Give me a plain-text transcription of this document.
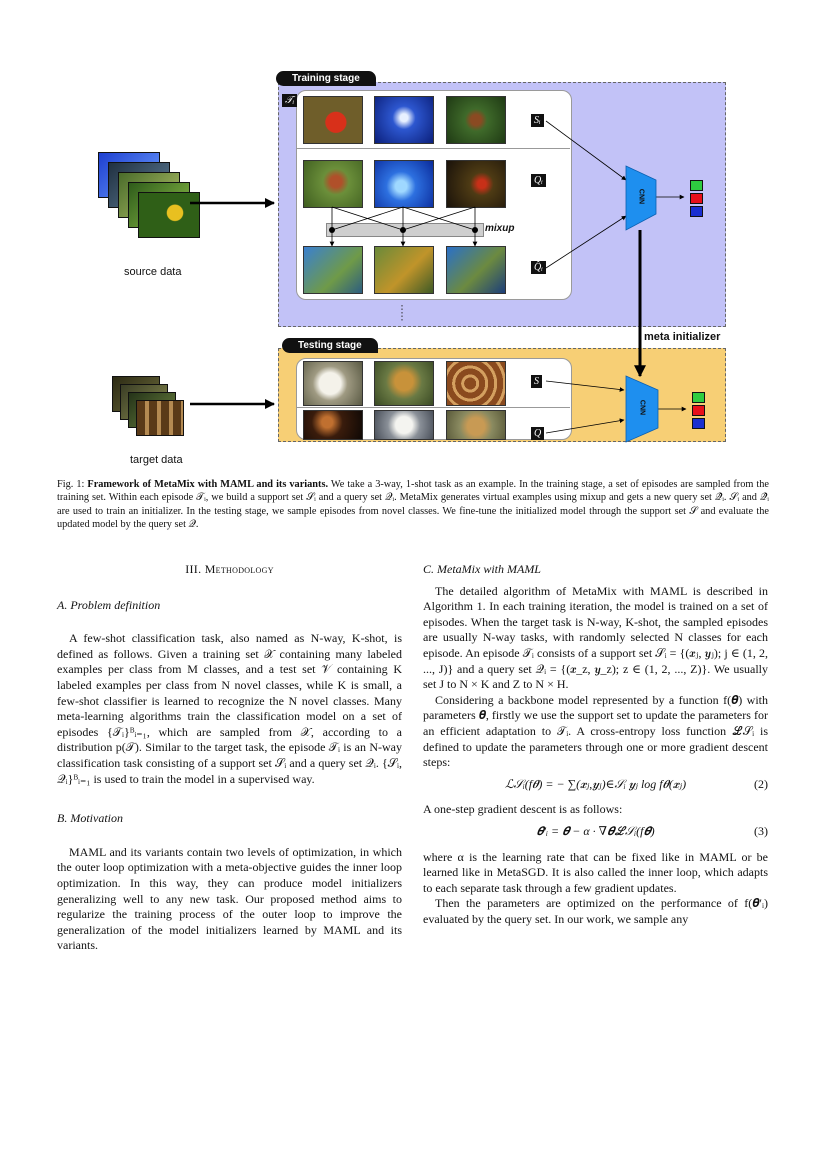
source data
target data
Training stage
Testing stage
𝒯ᵢ
mixup
Sᵢ
Qᵢ
Q̂ᵢ
S
Q
CNN
CNN
meta initializer
Fig. 1: Framework of MetaMix with MAML and its variants. We take a 3-way, 1-shot task as an example. In the training stage, a set of episodes are sampled from the training set. Within each episode 𝒯ᵢ, we build a support set 𝒮ᵢ and a query set 𝒬ᵢ. MetaMix generates virtual examples using mixup and gets a new query set 𝒬̂ᵢ. 𝒮ᵢ and 𝒬̂ᵢ are used to train an initializer. In the testing stage, we sample episodes from novel classes. We fine-tune the initialized model through the support set 𝒮 and evaluate the updated model by the query set 𝒬.
III. Methodology
A. Problem definition

A few-shot classification task, also named as N-way, K-shot, is defined as follows. Given a training set 𝒳 containing many labeled examples per class from M classes, and a test set 𝒱 containing K labeled examples per class from N novel classes, while K is small, a few-shot classifier is learned to recognize the N novel classes. Many meta-learning algorithms train the classification model on a set of episodes {𝒯ᵢ}ᴮᵢ₌₁, which are sampled from 𝒳, according to a distribution p(𝒯). Similar to the target task, the episode 𝒯ᵢ is an N-way classification task consisting of a support set 𝒮ᵢ and a query set 𝒬ᵢ. {𝒮ᵢ, 𝒬ᵢ}ᴮᵢ₌₁ is used to train the model in a supervised way.

B. Motivation

MAML and its variants contain two levels of optimization, in which the outer loop optimization with a meta-objective guides the inner loop optimization. In this way, they can produce model initializers generalizing well to any new task. Our proposed method aims to regularize the training process of the outer loop to improve the generalization of the model initializers learned by MAML and its variants.

C. MetaMix with MAML

The detailed algorithm of MetaMix with MAML is described in Algorithm 1. In each training iteration, the model is trained on a set of episodes. When the target task is N-way, K-shot, the sampled episodes are usually N-way tasks, with randomly selected N classes for each episode. An episode 𝒯ᵢ consists of a support set 𝒮ᵢ = {(𝒙ⱼ, 𝒚ⱼ); j ∈ (1, 2, ..., J)} and a query set 𝒬ᵢ = {(𝒙_z, 𝒚_z); z ∈ (1, 2, ..., Z)}. We usually set J to N × K and Z to N × H.

Considering a backbone model represented by a function f(𝜽) with parameters 𝜽, firstly we use the support set to update the parameters for an efficient adaptation to 𝒯ᵢ. A cross-entropy loss function ℒ𝒮ᵢ is defined to update the parameters through one or more gradient descent steps:

ℒ𝒮ᵢ(f𝜽) = − ∑(𝒙ⱼ,𝒚ⱼ)∈𝒮ᵢ 𝒚ⱼ log f𝜽(𝒙ⱼ)	(2)

A one-step gradient descent is as follows:

𝜽′ᵢ = 𝜽 − α · ∇𝜽ℒ𝒮ᵢ(f𝜽)	(3)

where α is the learning rate that can be fixed like in MAML or be learned like in MetaSGD. It is also called the inner loop, which adapts to each separate task through a few gradient updates.

Then the parameters are optimized on the performance of f(𝜽′ᵢ) evaluated by the query set. In our work, we sample any
